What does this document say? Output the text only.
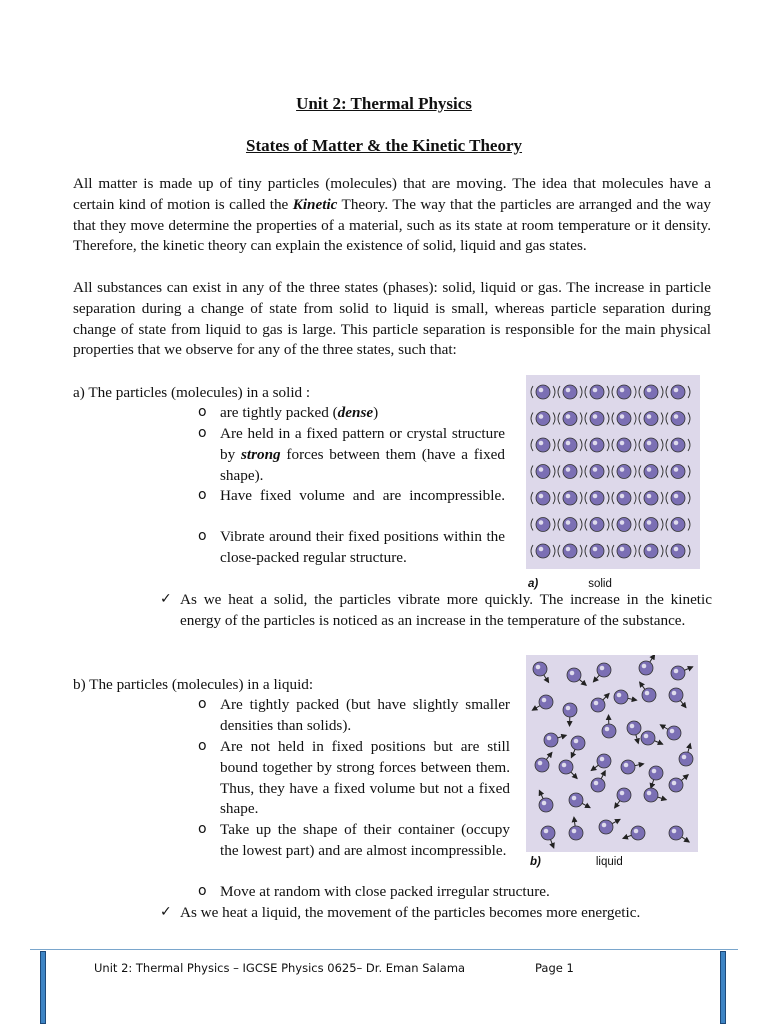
Unit 2: Thermal Physics
States of Matter & the Kinetic Theory
All matter is made up of tiny particles (molecules) that are moving. The idea that molecules have a certain kind of motion is called the Kinetic Theory. The way that the particles are arranged and the way that they move determine the properties of a material, such as its state at room temperature or it density. Therefore, the kinetic theory can explain the existence of solid, liquid and gas states.
All substances can exist in any of the three states (phases): solid, liquid or gas. The increase in particle separation during a change of state from solid to liquid is small, whereas particle separation during change of state from liquid to gas is large. This particle separation is responsible for the main physical properties that we observe for any of the three states, such that:
a) The particles (molecules) in a solid :
o are tightly packed (dense)
o Are held in a fixed pattern or crystal structure by strong forces between them (have a fixed shape).
o Have fixed volume and are incompressible.
o Vibrate around their fixed positions within the close-packed regular structure.
✓ As we heat a solid, the particles vibrate more quickly. The increase in the kinetic energy of the particles is noticed as an increase in the temperature of the substance.
a)	solid
b) The particles (molecules) in a liquid:
o Are tightly packed (but have slightly smaller densities than solids).
o Are not held in fixed positions but are still bound together by strong forces between them. Thus, they have a fixed volume but not a fixed shape.
o Take up the shape of their container (occupy the lowest part) and are almost incompressible.
o Move at random with close packed irregular structure.
✓ As we heat a liquid, the movement of the particles becomes more energetic.
b)	liquid
Unit 2: Thermal Physics – IGCSE Physics 0625– Dr. Eman Salama	Page 1
